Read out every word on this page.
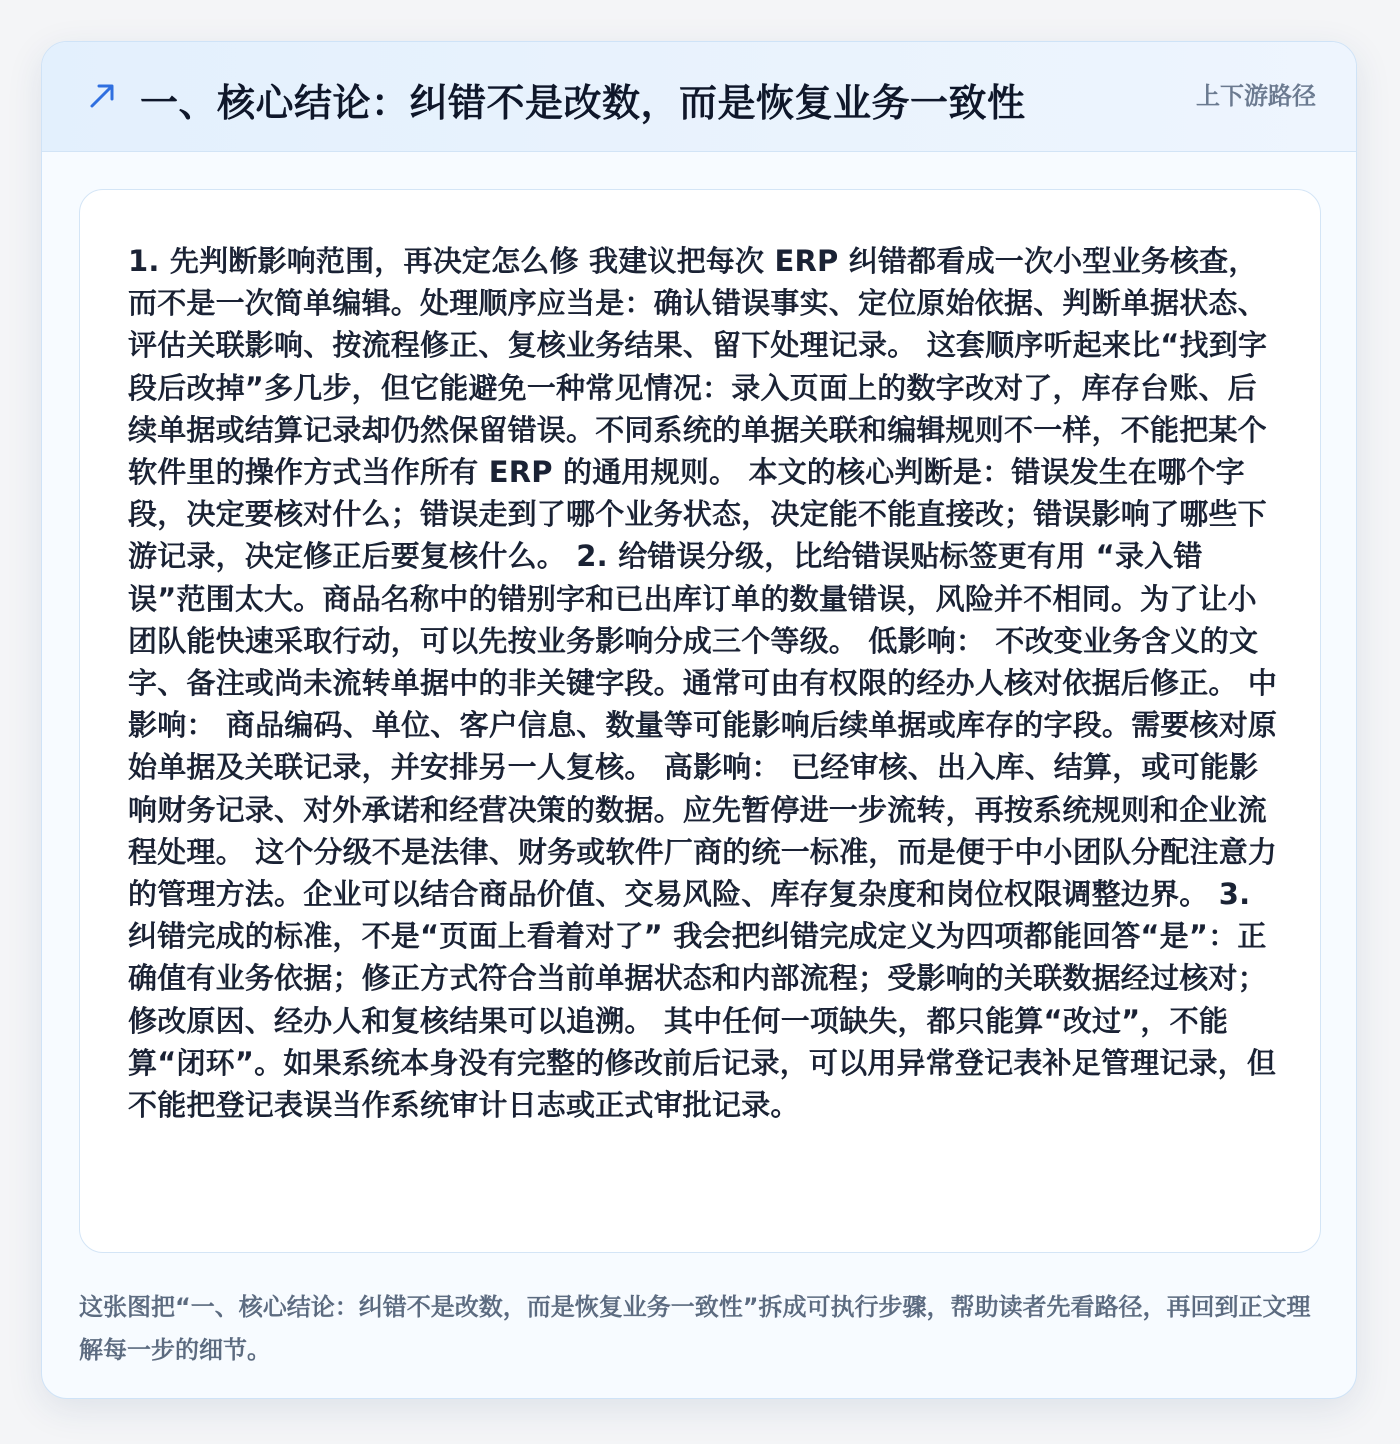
一、核心结论：纠错不是改数，而是恢复业务一致性	上下游路径

1. 先判断影响范围，再决定怎么修 我建议把每次 ERP 纠错都看成一次小型业务核查，而不是一次简单编辑。处理顺序应当是：确认错误事实、定位原始依据、判断单据状态、评估关联影响、按流程修正、复核业务结果、留下处理记录。 这套顺序听起来比“找到字段后改掉”多几步，但它能避免一种常见情况：录入页面上的数字改对了，库存台账、后续单据或结算记录却仍然保留错误。不同系统的单据关联和编辑规则不一样，不能把某个软件里的操作方式当作所有 ERP 的通用规则。 本文的核心判断是：错误发生在哪个字段，决定要核对什么；错误走到了哪个业务状态，决定能不能直接改；错误影响了哪些下游记录，决定修正后要复核什么。 2. 给错误分级，比给错误贴标签更有用 “录入错误”范围太大。商品名称中的错别字和已出库订单的数量错误，风险并不相同。为了让小团队能快速采取行动，可以先按业务影响分成三个等级。 低影响： 不改变业务含义的文字、备注或尚未流转单据中的非关键字段。通常可由有权限的经办人核对依据后修正。 中影响： 商品编码、单位、客户信息、数量等可能影响后续单据或库存的字段。需要核对原始单据及关联记录，并安排另一人复核。 高影响： 已经审核、出入库、结算，或可能影响财务记录、对外承诺和经营决策的数据。应先暂停进一步流转，再按系统规则和企业流程处理。 这个分级不是法律、财务或软件厂商的统一标准，而是便于中小团队分配注意力的管理方法。企业可以结合商品价值、交易风险、库存复杂度和岗位权限调整边界。 3. 纠错完成的标准，不是“页面上看着对了” 我会把纠错完成定义为四项都能回答“是”：正确值有业务依据；修正方式符合当前单据状态和内部流程；受影响的关联数据经过核对；修改原因、经办人和复核结果可以追溯。 其中任何一项缺失，都只能算“改过”，不能算“闭环”。如果系统本身没有完整的修改前后记录，可以用异常登记表补足管理记录，但不能把登记表误当作系统审计日志或正式审批记录。

这张图把“一、核心结论：纠错不是改数，而是恢复业务一致性”拆成可执行步骤，帮助读者先看路径，再回到正文理解每一步的细节。
